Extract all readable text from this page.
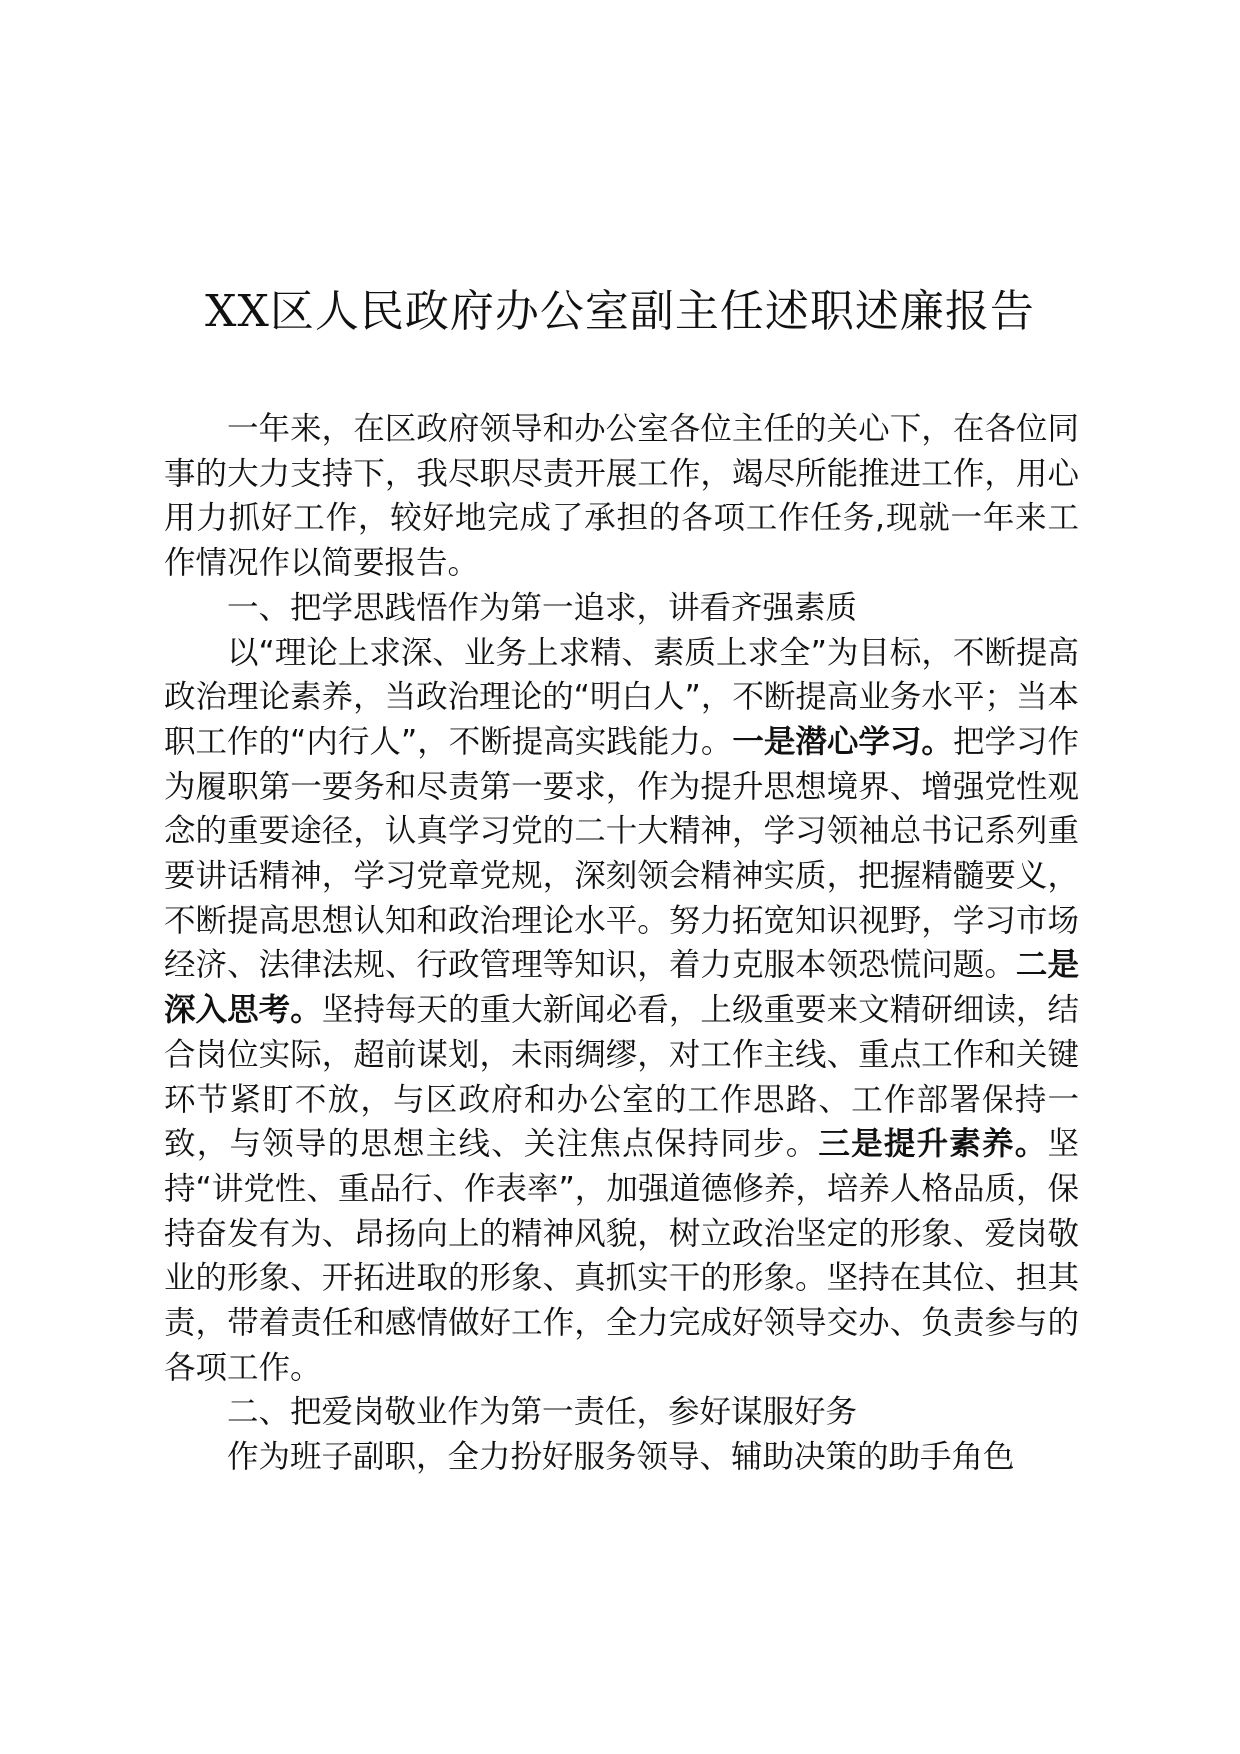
XX区人民政府办公室副主任述职述廉报告

一年来，在区政府领导和办公室各位主任的关心下，在各位同事的大力支持下，我尽职尽责开展工作，竭尽所能推进工作，用心用力抓好工作，较好地完成了承担的各项工作任务,现就一年来工作情况作以简要报告。

一、把学思践悟作为第一追求，讲看齐强素质

以“理论上求深、业务上求精、素质上求全”为目标，不断提高政治理论素养，当政治理论的“明白人”，不断提高业务水平；当本职工作的“内行人”，不断提高实践能力。一是潜心学习。把学习作为履职第一要务和尽责第一要求，作为提升思想境界、增强党性观念的重要途径，认真学习党的二十大精神，学习领袖总书记系列重要讲话精神，学习党章党规，深刻领会精神实质，把握精髓要义，不断提高思想认知和政治理论水平。努力拓宽知识视野，学习市场经济、法律法规、行政管理等知识，着力克服本领恐慌问题。二是深入思考。坚持每天的重大新闻必看，上级重要来文精研细读，结合岗位实际，超前谋划，未雨绸缪，对工作主线、重点工作和关键环节紧盯不放，与区政府和办公室的工作思路、工作部署保持一致，与领导的思想主线、关注焦点保持同步。三是提升素养。坚持“讲党性、重品行、作表率”，加强道德修养，培养人格品质，保持奋发有为、昂扬向上的精神风貌，树立政治坚定的形象、爱岗敬业的形象、开拓进取的形象、真抓实干的形象。坚持在其位、担其责，带着责任和感情做好工作，全力完成好领导交办、负责参与的各项工作。

二、把爱岗敬业作为第一责任，参好谋服好务

作为班子副职，全力扮好服务领导、辅助决策的助手角色
